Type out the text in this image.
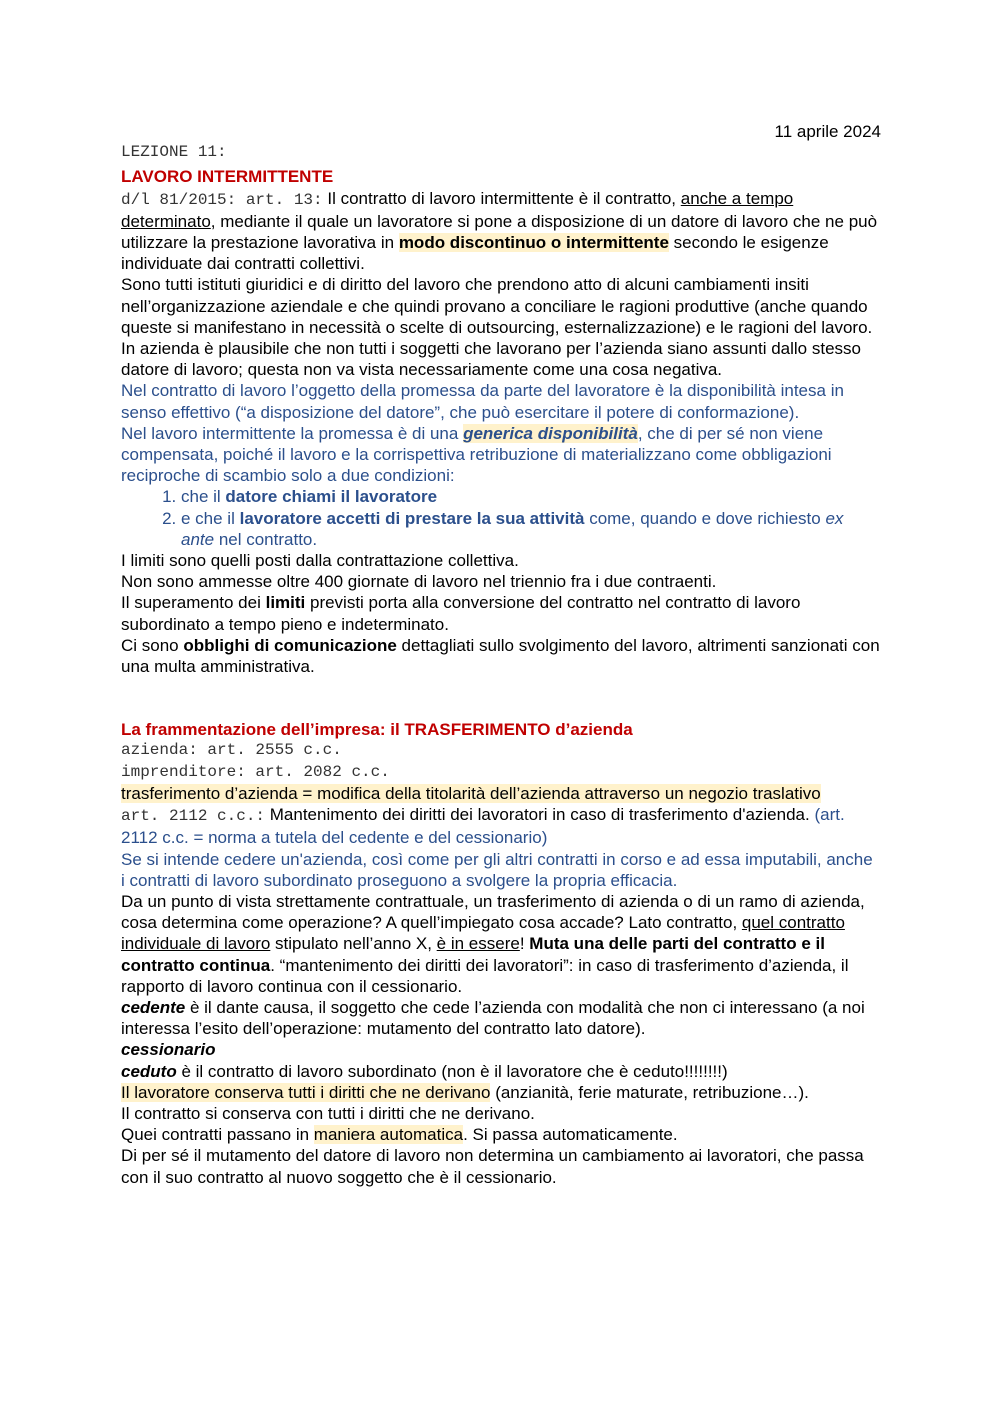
11 aprile 2024

LEZIONE 11:

LAVORO INTERMITTENTE

d/l 81/2015: art. 13: Il contratto di lavoro intermittente è il contratto, anche a tempo determinato, mediante il quale un lavoratore si pone a disposizione di un datore di lavoro che ne può utilizzare la prestazione lavorativa in modo discontinuo o intermittente secondo le esigenze individuate dai contratti collettivi.

Sono tutti istituti giuridici e di diritto del lavoro che prendono atto di alcuni cambiamenti insiti nell’organizzazione aziendale e che quindi provano a conciliare le ragioni produttive (anche quando queste si manifestano in necessità o scelte di outsourcing, esternalizzazione) e le ragioni del lavoro.

In azienda è plausibile che non tutti i soggetti che lavorano per l’azienda siano assunti dallo stesso datore di lavoro; questa non va vista necessariamente come una cosa negativa.

Nel contratto di lavoro l’oggetto della promessa da parte del lavoratore è la disponibilità intesa in senso effettivo (“a disposizione del datore”, che può esercitare il potere di conformazione).

Nel lavoro intermittente la promessa è di una generica disponibilità, che di per sé non viene compensata, poiché il lavoro e la corrispettiva retribuzione di materializzano come obbligazioni reciproche di scambio solo a due condizioni:

1. che il datore chiami il lavoratore
2. e che il lavoratore accetti di prestare la sua attività come, quando e dove richiesto ex ante nel contratto.

I limiti sono quelli posti dalla contrattazione collettiva.

Non sono ammesse oltre 400 giornate di lavoro nel triennio fra i due contraenti.

Il superamento dei limiti previsti porta alla conversione del contratto nel contratto di lavoro subordinato a tempo pieno e indeterminato.

Ci sono obblighi di comunicazione dettagliati sullo svolgimento del lavoro, altrimenti sanzionati con una multa amministrativa.

La frammentazione dell’impresa: il TRASFERIMENTO d’azienda

azienda: art. 2555 c.c.

imprenditore: art. 2082 c.c.

trasferimento d’azienda = modifica della titolarità dell’azienda attraverso un negozio traslativo

art. 2112 c.c.: Mantenimento dei diritti dei lavoratori in caso di trasferimento d'azienda. (art. 2112 c.c. = norma a tutela del cedente e del cessionario)

Se si intende cedere un'azienda, così come per gli altri contratti in corso e ad essa imputabili, anche i contratti di lavoro subordinato proseguono a svolgere la propria efficacia.

Da un punto di vista strettamente contrattuale, un trasferimento di azienda o di un ramo di azienda, cosa determina come operazione? A quell’impiegato cosa accade? Lato contratto, quel contratto individuale di lavoro stipulato nell’anno X, è in essere! Muta una delle parti del contratto e il contratto continua. “mantenimento dei diritti dei lavoratori”: in caso di trasferimento d’azienda, il rapporto di lavoro continua con il cessionario.

cedente è il dante causa, il soggetto che cede l’azienda con modalità che non ci interessano (a noi interessa l’esito dell’operazione: mutamento del contratto lato datore).

cessionario

ceduto è il contratto di lavoro subordinato (non è il lavoratore che è ceduto!!!!!!!!)

Il lavoratore conserva tutti i diritti che ne derivano (anzianità, ferie maturate, retribuzione…).

Il contratto si conserva con tutti i diritti che ne derivano.

Quei contratti passano in maniera automatica. Si passa automaticamente.

Di per sé il mutamento del datore di lavoro non determina un cambiamento ai lavoratori, che passa con il suo contratto al nuovo soggetto che è il cessionario.
